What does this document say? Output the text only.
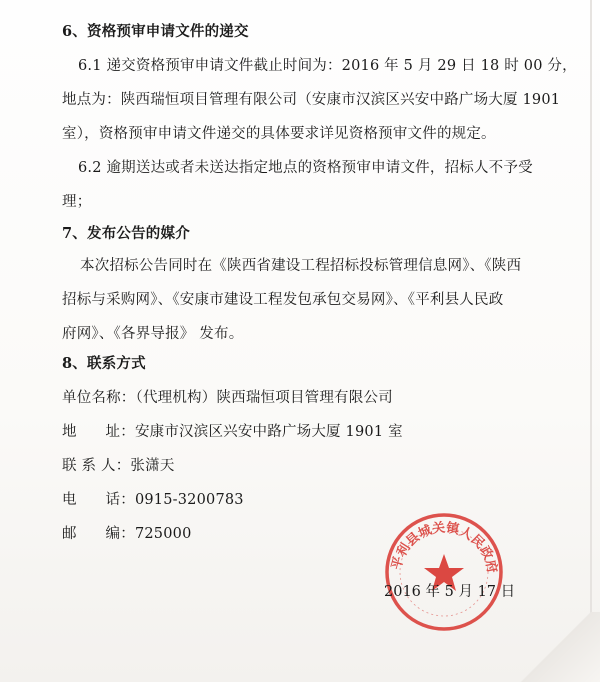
6、资格预审申请文件的递交
6.1 递交资格预审申请文件截止时间为：2016 年 5 月 29 日 18 时 00 分，
地点为：陕西瑞恒项目管理有限公司（安康市汉滨区兴安中路广场大厦 1901
室），资格预审申请文件递交的具体要求详见资格预审文件的规定。
6.2 逾期送达或者未送达指定地点的资格预审申请文件，招标人不予受
理；
7、发布公告的媒介
本次招标公告同时在《陕西省建设工程招标投标管理信息网》、《陕西
招标与采购网》、《安康市建设工程发包承包交易网》、《平利县人民政
府网》、《各界导报》 发布。
8、联系方式
单位名称：（代理机构）陕西瑞恒项目管理有限公司
地      址：安康市汉滨区兴安中路广场大厦 1901 室
联 系 人：张潇天
电      话：0915-3200783
邮      编：725000
平利县城关镇人民政府
2016 年 5 月 17 日
